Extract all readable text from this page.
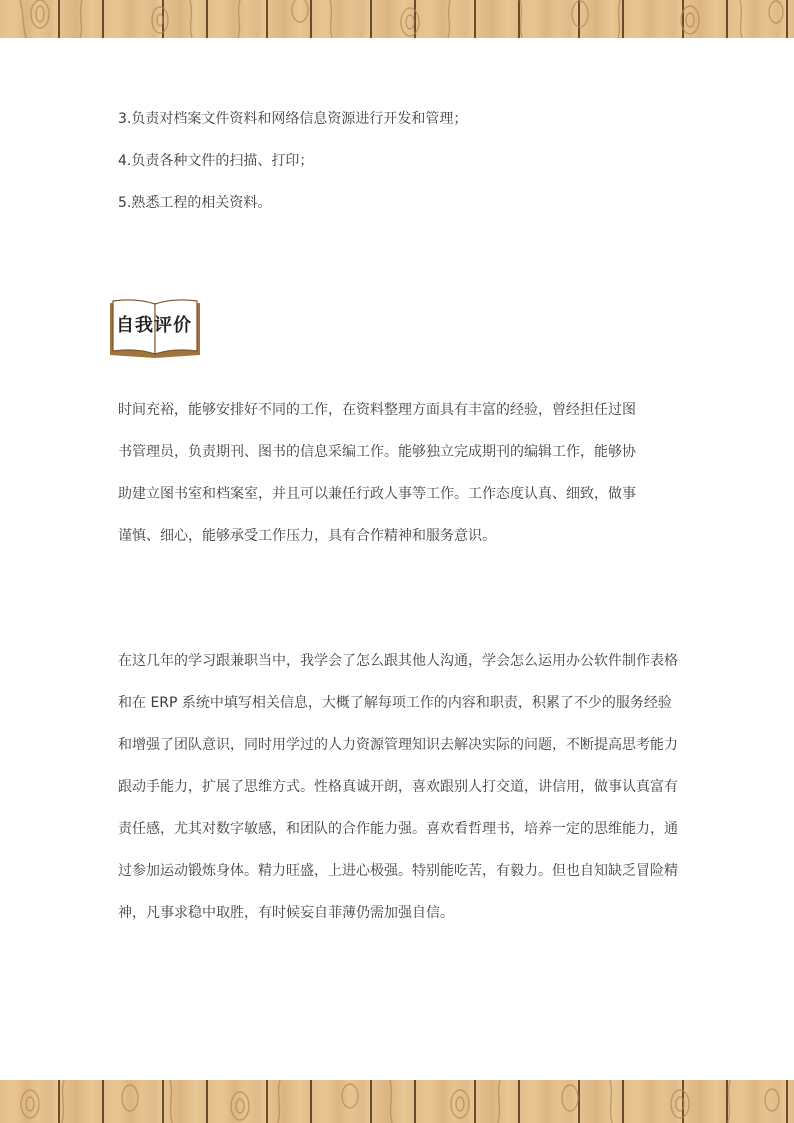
3.负责对档案文件资料和网络信息资源进行开发和管理；
4.负责各种文件的扫描、打印；
5.熟悉工程的相关资料。
自我评价
时间充裕，能够安排好不同的工作，在资料整理方面具有丰富的经验，曾经担任过图
书管理员，负责期刊、图书的信息采编工作。能够独立完成期刊的编辑工作，能够协
助建立图书室和档案室，并且可以兼任行政人事等工作。工作态度认真、细致，做事
谨慎、细心，能够承受工作压力，具有合作精神和服务意识。
在这几年的学习跟兼职当中，我学会了怎么跟其他人沟通，学会怎么运用办公软件制作表格
和在 ERP 系统中填写相关信息，大概了解每项工作的内容和职责，积累了不少的服务经验
和增强了团队意识，同时用学过的人力资源管理知识去解决实际的问题，不断提高思考能力
跟动手能力，扩展了思维方式。性格真诚开朗，喜欢跟别人打交道，讲信用，做事认真富有
责任感，尤其对数字敏感，和团队的合作能力强。喜欢看哲理书，培养一定的思维能力，通
过参加运动锻炼身体。精力旺盛，上进心极强。特别能吃苦，有毅力。但也自知缺乏冒险精
神，凡事求稳中取胜，有时候妄自菲薄仍需加强自信。
